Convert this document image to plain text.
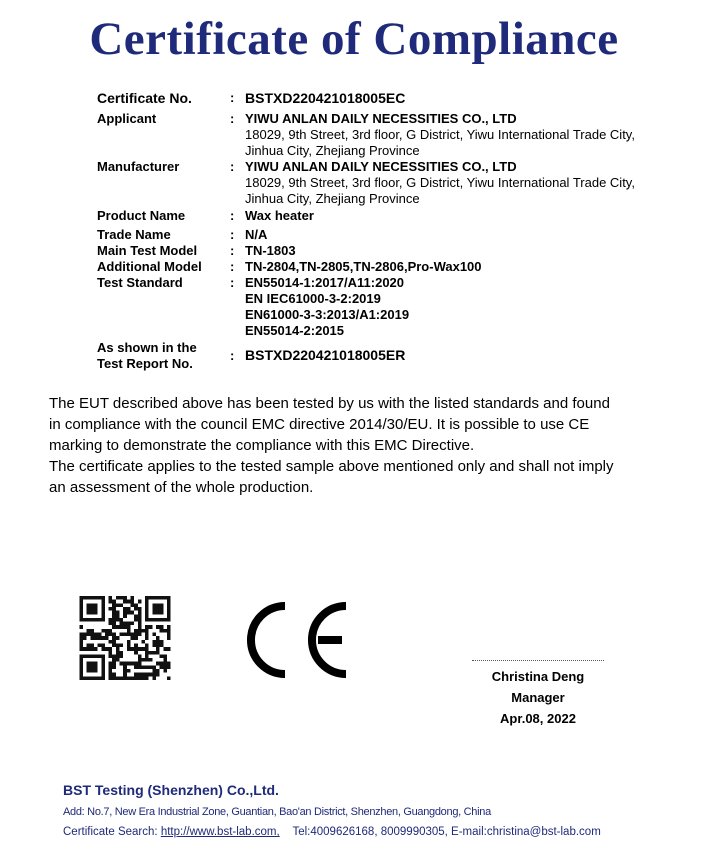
Certificate of Compliance
Certificate No.	: BSTXD220421018005EC
Applicant	: YIWU ANLAN DAILY NECESSITIES CO., LTD
18029, 9th Street, 3rd floor, G District, Yiwu International Trade City,
Jinhua City, Zhejiang Province
Manufacturer	: YIWU ANLAN DAILY NECESSITIES CO., LTD
18029, 9th Street, 3rd floor, G District, Yiwu International Trade City,
Jinhua City, Zhejiang Province
Product Name	: Wax heater
Trade Name	: N/A
Main Test Model	: TN-1803
Additional Model	: TN-2804,TN-2805,TN-2806,Pro-Wax100
Test Standard	: EN55014-1:2017/A11:2020
EN IEC61000-3-2:2019
EN61000-3-3:2013/A1:2019
EN55014-2:2015
As shown in the
Test Report No.
: BSTXD220421018005ER

The EUT described above has been tested by us with the listed standards and found

in compliance with the council EMC directive 2014/30/EU. It is possible to use CE

marking to demonstrate the compliance with this EMC Directive.

The certificate applies to the tested sample above mentioned only and shall not imply

an assessment of the whole production.

Christina Deng
Manager
Apr.08, 2022
BST Testing (Shenzhen) Co.,Ltd.
Add: No.7, New Era Industrial Zone, Guantian, Bao'an District, Shenzhen, Guangdong, China
Certificate Search: http://www.bst-lab.com, Tel:4009626168, 8009990305, E-mail:christina@bst-lab.com
